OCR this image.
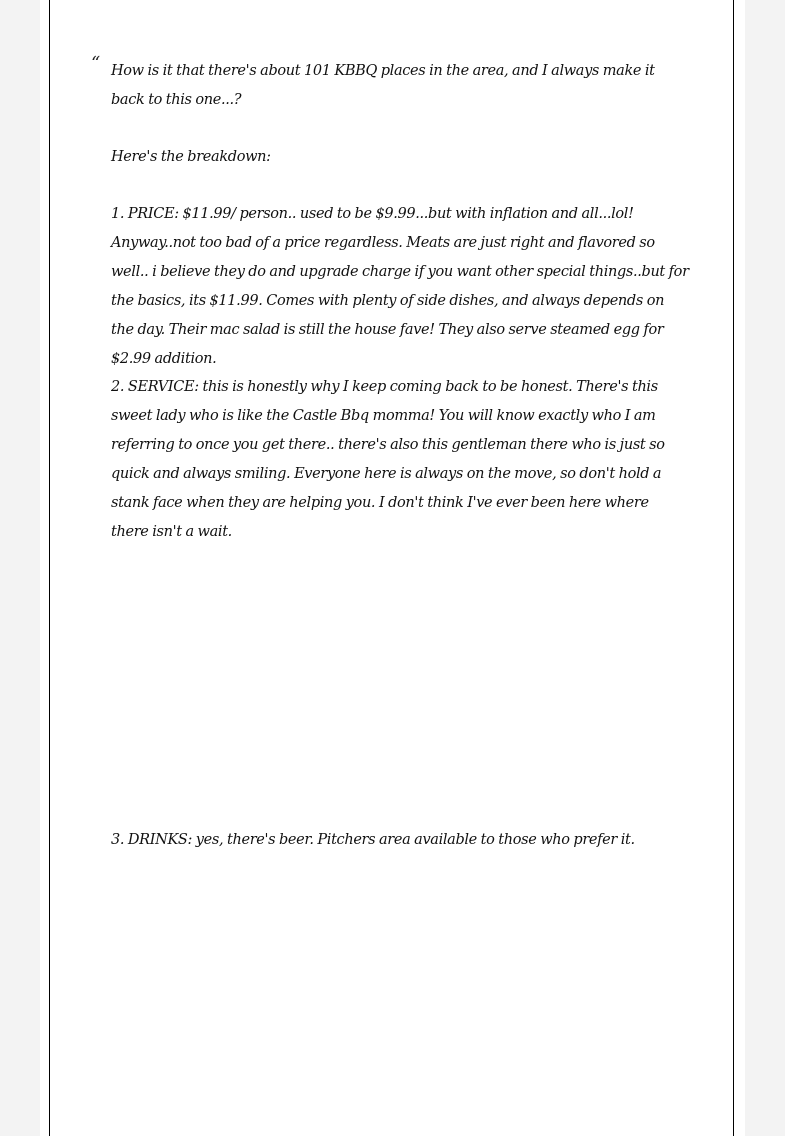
“ How is it that there's about 101 KBBQ places in the area, and I always make it back to this one...?

Here's the breakdown:

1. PRICE: $11.99/ person.. used to be $9.99...but with inflation and all...lol! Anyway..not too bad of a price regardless. Meats are just right and flavored so well.. i believe they do and upgrade charge if you want other special things..but for the basics, its $11.99. Comes with plenty of side dishes, and always depends on the day. Their mac salad is still the house fave! They also serve steamed egg for $2.99 addition.

2. SERVICE: this is honestly why I keep coming back to be honest. There's this sweet lady who is like the Castle Bbq momma! You will know exactly who I am referring to once you get there.. there's also this gentleman there who is just so quick and always smiling. Everyone here is always on the move, so don't hold a stank face when they are helping you. I don't think I've ever been here where there isn't a wait.

3. DRINKS: yes, there's beer. Pitchers area available to those who prefer it.
